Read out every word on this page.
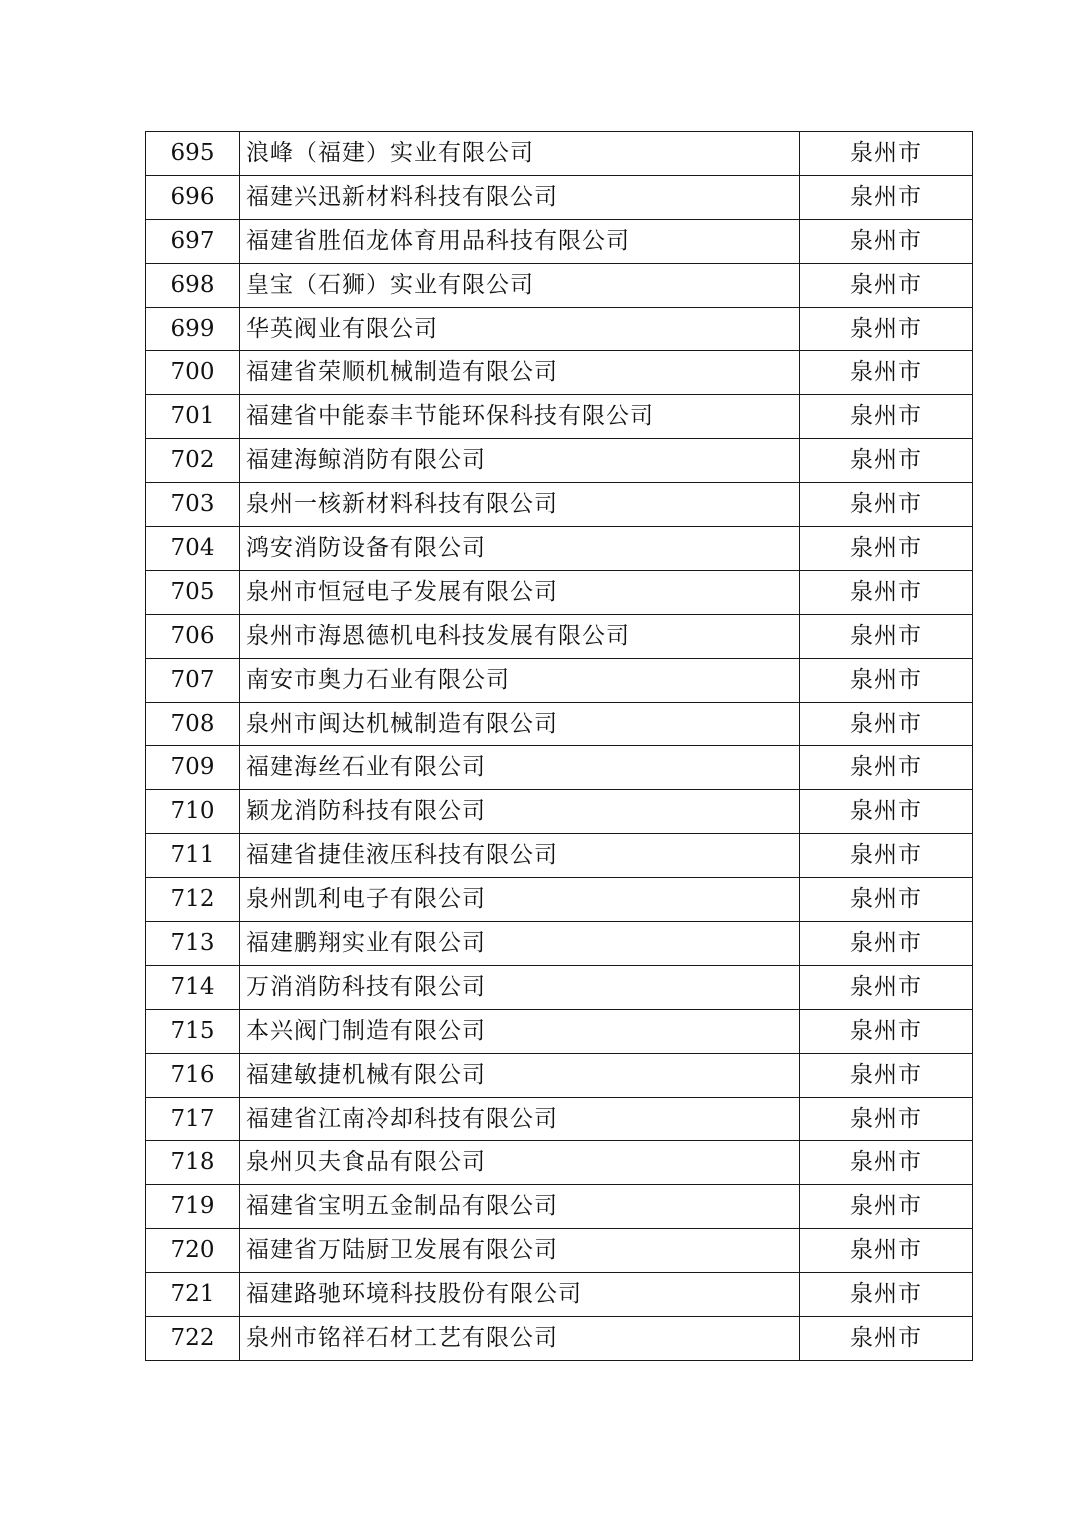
695	浪峰（福建）实业有限公司	泉州市
696	福建兴迅新材料科技有限公司	泉州市
697	福建省胜佰龙体育用品科技有限公司	泉州市
698	皇宝（石狮）实业有限公司	泉州市
699	华英阀业有限公司	泉州市
700	福建省荣顺机械制造有限公司	泉州市
701	福建省中能泰丰节能环保科技有限公司	泉州市
702	福建海鲸消防有限公司	泉州市
703	泉州一核新材料科技有限公司	泉州市
704	鸿安消防设备有限公司	泉州市
705	泉州市恒冠电子发展有限公司	泉州市
706	泉州市海恩德机电科技发展有限公司	泉州市
707	南安市奥力石业有限公司	泉州市
708	泉州市闽达机械制造有限公司	泉州市
709	福建海丝石业有限公司	泉州市
710	颖龙消防科技有限公司	泉州市
711	福建省捷佳液压科技有限公司	泉州市
712	泉州凯利电子有限公司	泉州市
713	福建鹏翔实业有限公司	泉州市
714	万消消防科技有限公司	泉州市
715	本兴阀门制造有限公司	泉州市
716	福建敏捷机械有限公司	泉州市
717	福建省江南冷却科技有限公司	泉州市
718	泉州贝夫食品有限公司	泉州市
719	福建省宝明五金制品有限公司	泉州市
720	福建省万陆厨卫发展有限公司	泉州市
721	福建路驰环境科技股份有限公司	泉州市
722	泉州市铭祥石材工艺有限公司	泉州市
